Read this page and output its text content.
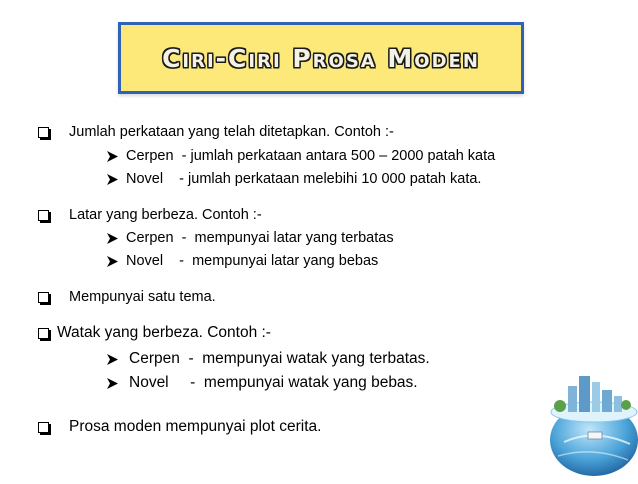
Ciri-Ciri Prosa Moden
Jumlah perkataan yang telah ditetapkan. Contoh :-
Cerpen  - jumlah perkataan antara 500 – 2000 patah kata
Novel    - jumlah perkataan melebihi 10 000 patah kata.
Latar yang berbeza. Contoh :-
Cerpen  -  mempunyai latar yang terbatas
Novel    -  mempunyai latar yang bebas
Mempunyai satu tema.
Watak yang berbeza. Contoh :-
Cerpen  -  mempunyai watak yang terbatas.
Novel     -  mempunyai watak yang bebas.
Prosa moden mempunyai plot cerita.
